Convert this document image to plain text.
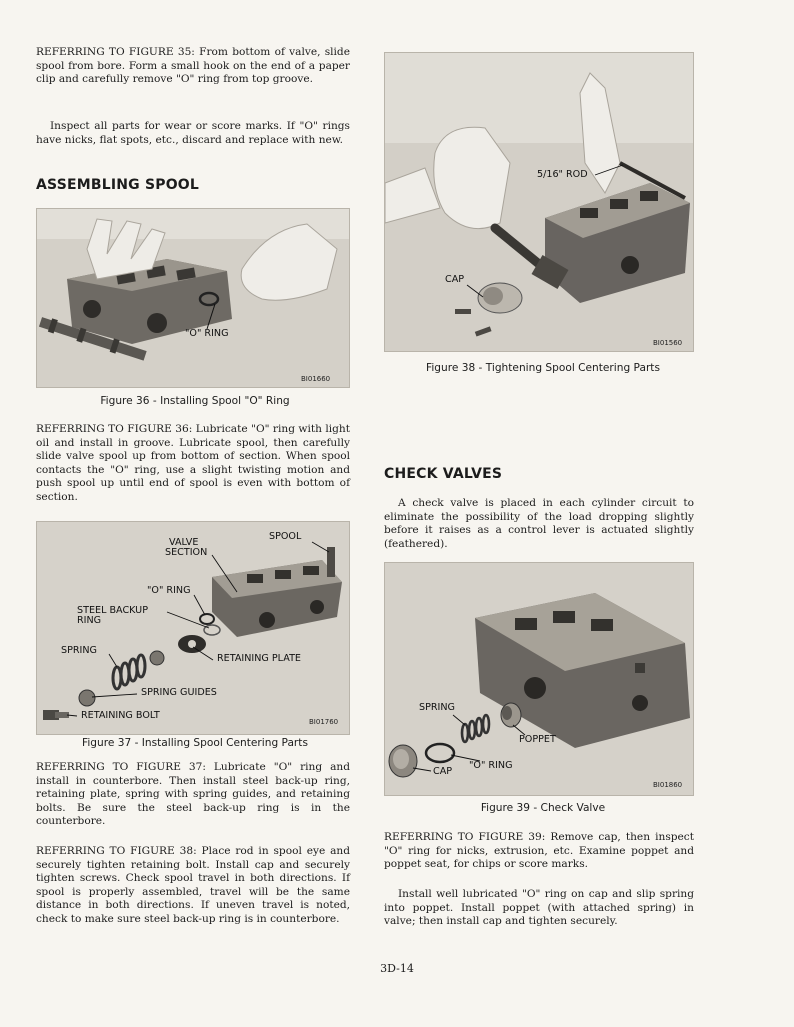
REFERRING TO FIGURE 35: From bottom of valve, slide spool from bore. Form a small hook on the end of a paper clip and carefully remove "O" ring from top groove.

Inspect all parts for wear or score marks. If "O" rings have nicks, flat spots, etc., discard and replace with new.

ASSEMBLING SPOOL
"O" RING
BI01660

Figure 36 - Installing Spool "O" Ring

REFERRING TO FIGURE 36: Lubricate "O" ring with light oil and install in groove. Lubricate spool, then carefully slide valve spool up from bottom of section. When spool contacts the "O" ring, use a slight twisting motion and push spool up until end of spool is even with bottom of section.

VALVE
SECTION
SPOOL
"O" RING
STEEL BACKUP
RING
SPRING
RETAINING PLATE
SPRING GUIDES
RETAINING BOLT
BI01760

Figure 37 - Installing Spool Centering Parts

REFERRING TO FIGURE 37: Lubricate "O" ring and install in counterbore. Then install steel back-up ring, retaining plate, spring with spring guides, and retaining bolts. Be sure the steel back-up ring is in the counterbore.

REFERRING TO FIGURE 38: Place rod in spool eye and securely tighten retaining bolt. Install cap and securely tighten screws. Check spool travel in both directions. If spool is properly assembled, travel will be the same distance in both directions. If uneven travel is noted, check to make sure steel back-up ring is in counterbore.

5/16" ROD
CAP
BI01560

Figure 38 - Tightening Spool Centering Parts

CHECK VALVES

A check valve is placed in each cylinder circuit to eliminate the possibility of the load dropping slightly before it raises as a control lever is actuated slightly (feathered).

SPRING
POPPET
CAP
"O" RING
BI01860

Figure 39 - Check Valve

REFERRING TO FIGURE 39: Remove cap, then inspect "O" ring for nicks, extrusion, etc. Examine poppet and poppet seat, for chips or score marks.

Install well lubricated "O" ring on cap and slip spring into poppet. Install poppet (with attached spring) in valve; then install cap and tighten securely.

3D-14
